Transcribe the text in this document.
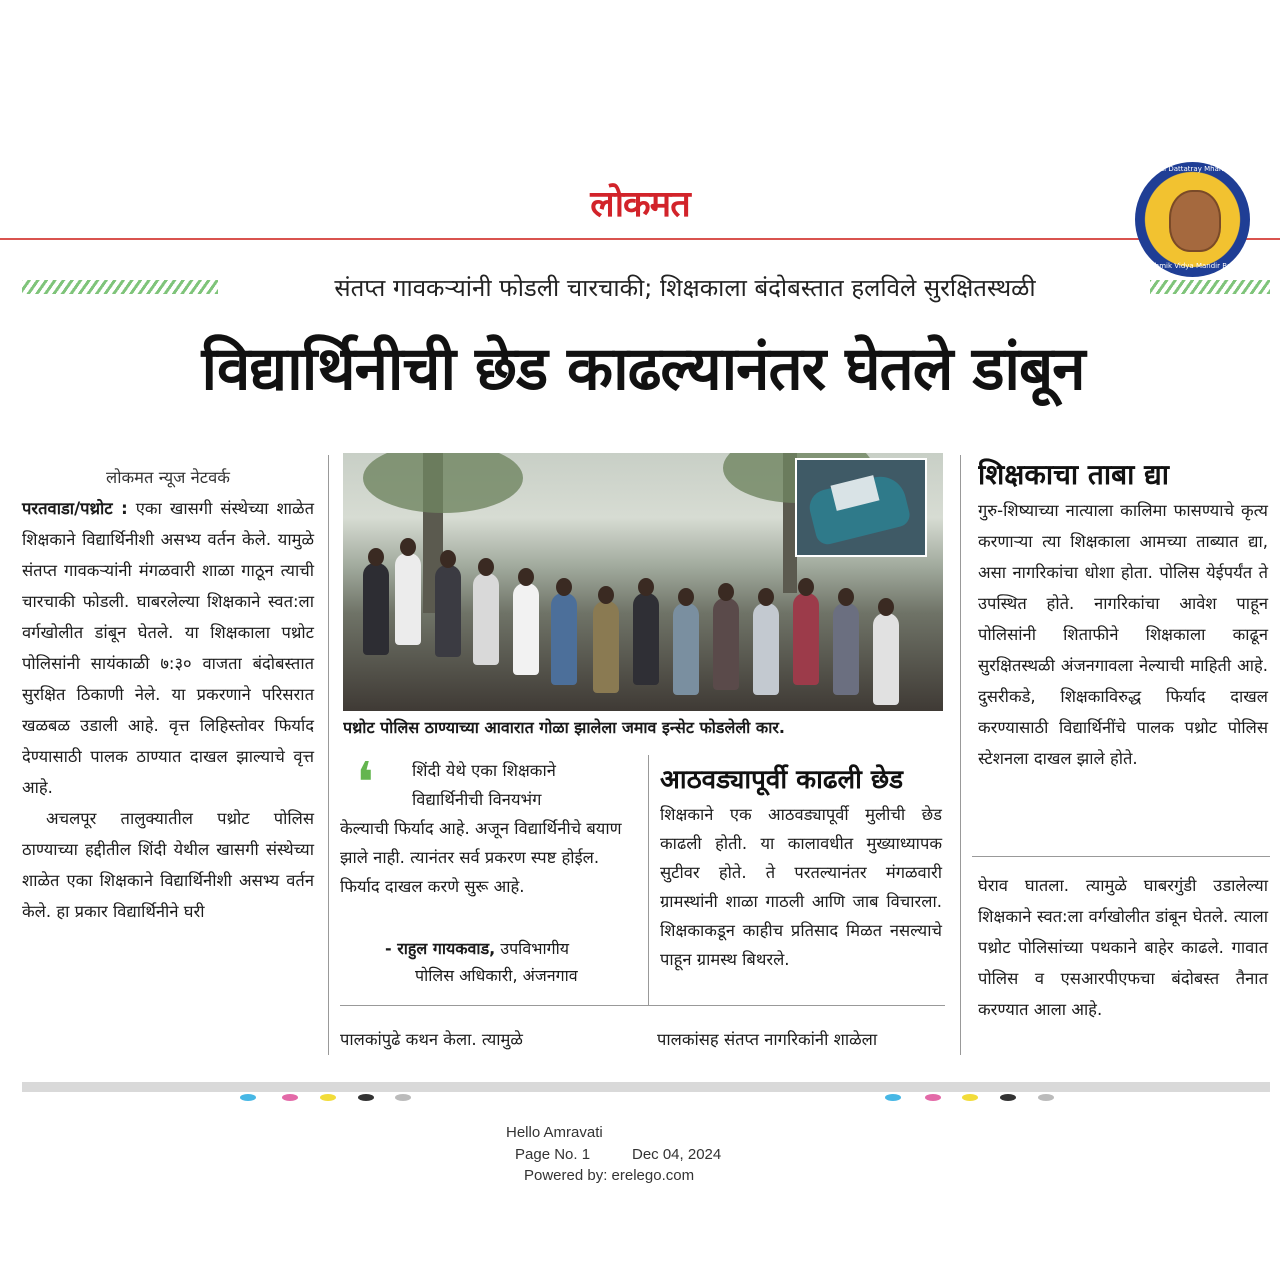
लोकमत
Rahul Dattatray Mhamane
Prathmik Vidya Mandir Barshi
संतप्त गावकऱ्यांनी फोडली चारचाकी; शिक्षकाला बंदोबस्तात हलविले सुरक्षितस्थळी
विद्यार्थिनीची छेड काढल्यानंतर घेतले डांबून

लोकमत न्यूज नेटवर्क

परतवाडा/पथ्रोट : एका खासगी संस्थेच्या शाळेत शिक्षकाने विद्यार्थिनीशी असभ्य वर्तन केले. यामुळे संतप्त गावकऱ्यांनी मंगळवारी शाळा गाठून त्याची चारचाकी फोडली. घाबरलेल्या शिक्षकाने स्वत:ला वर्गखोलीत डांबून घेतले. या शिक्षकाला पथ्रोट पोलिसांनी सायंकाळी ७:३० वाजता बंदोबस्तात सुरक्षित ठिकाणी नेले. या प्रकरणाने परिसरात खळबळ उडाली आहे. वृत्त लिहिस्तोवर फिर्याद देण्यासाठी पालक ठाण्यात दाखल झाल्याचे वृत्त आहे.

अचलपूर तालुक्यातील पथ्रोट पोलिस ठाण्याच्या हद्दीतील शिंदी येथील खासगी संस्थेच्या शाळेत एका शिक्षकाने विद्यार्थिनीशी असभ्य वर्तन केले. हा प्रकार विद्यार्थिनीने घरी

पथ्रोट पोलिस ठाण्याच्या आवारात गोळा झालेला जमाव इन्सेट फोडलेली कार.
❛	शिंदी येथे एका शिक्षकाने

विद्यार्थिनीची विनयभंग

केल्याची फिर्याद आहे. अजून विद्यार्थिनीचे बयाण झाले नाही. त्यानंतर सर्व प्रकरण स्पष्ट होईल. फिर्याद दाखल करणे सुरू आहे.

- राहुल गायकवाड, उपविभागीय
पोलिस अधिकारी, अंजनगाव
आठवड्यापूर्वी काढली छेड
शिक्षकाने एक आठवड्यापूर्वी मुलीची छेड काढली होती. या कालावधीत मुख्याध्यापक सुटीवर होते. ते परतल्यानंतर मंगळवारी ग्रामस्थांनी शाळा गाठली आणि जाब विचारला. शिक्षकाकडून काहीच प्रतिसाद मिळत नसल्याचे पाहून ग्रामस्थ बिथरले.
पालकांपुढे कथन केला. त्यामुळे	पालकांसह संतप्त नागरिकांनी शाळेला
शिक्षकाचा ताबा द्या
गुरु-शिष्याच्या नात्याला कालिमा फासण्याचे कृत्य करणाऱ्या त्या शिक्षकाला आमच्या ताब्यात द्या, असा नागरिकांचा धोशा होता. पोलिस येईपर्यंत ते उपस्थित होते. नागरिकांचा आवेश पाहून पोलिसांनी शिताफीने शिक्षकाला काढून सुरक्षितस्थळी अंजनगावला नेल्याची माहिती आहे. दुसरीकडे, शिक्षकाविरुद्ध फिर्याद दाखल करण्यासाठी विद्यार्थिनींचे पालक पथ्रोट पोलिस स्टेशनला दाखल झाले होते.
घेराव घातला. त्यामुळे घाबरगुंडी उडालेल्या शिक्षकाने स्वत:ला वर्गखोलीत डांबून घेतले. त्याला पथ्रोट पोलिसांच्या पथकाने बाहेर काढले. गावात पोलिस व एसआरपीएफचा बंदोबस्त तैनात करण्यात आला आहे.
Hello Amravati
Page No. 1	Dec 04, 2024
Powered by: erelego.com
